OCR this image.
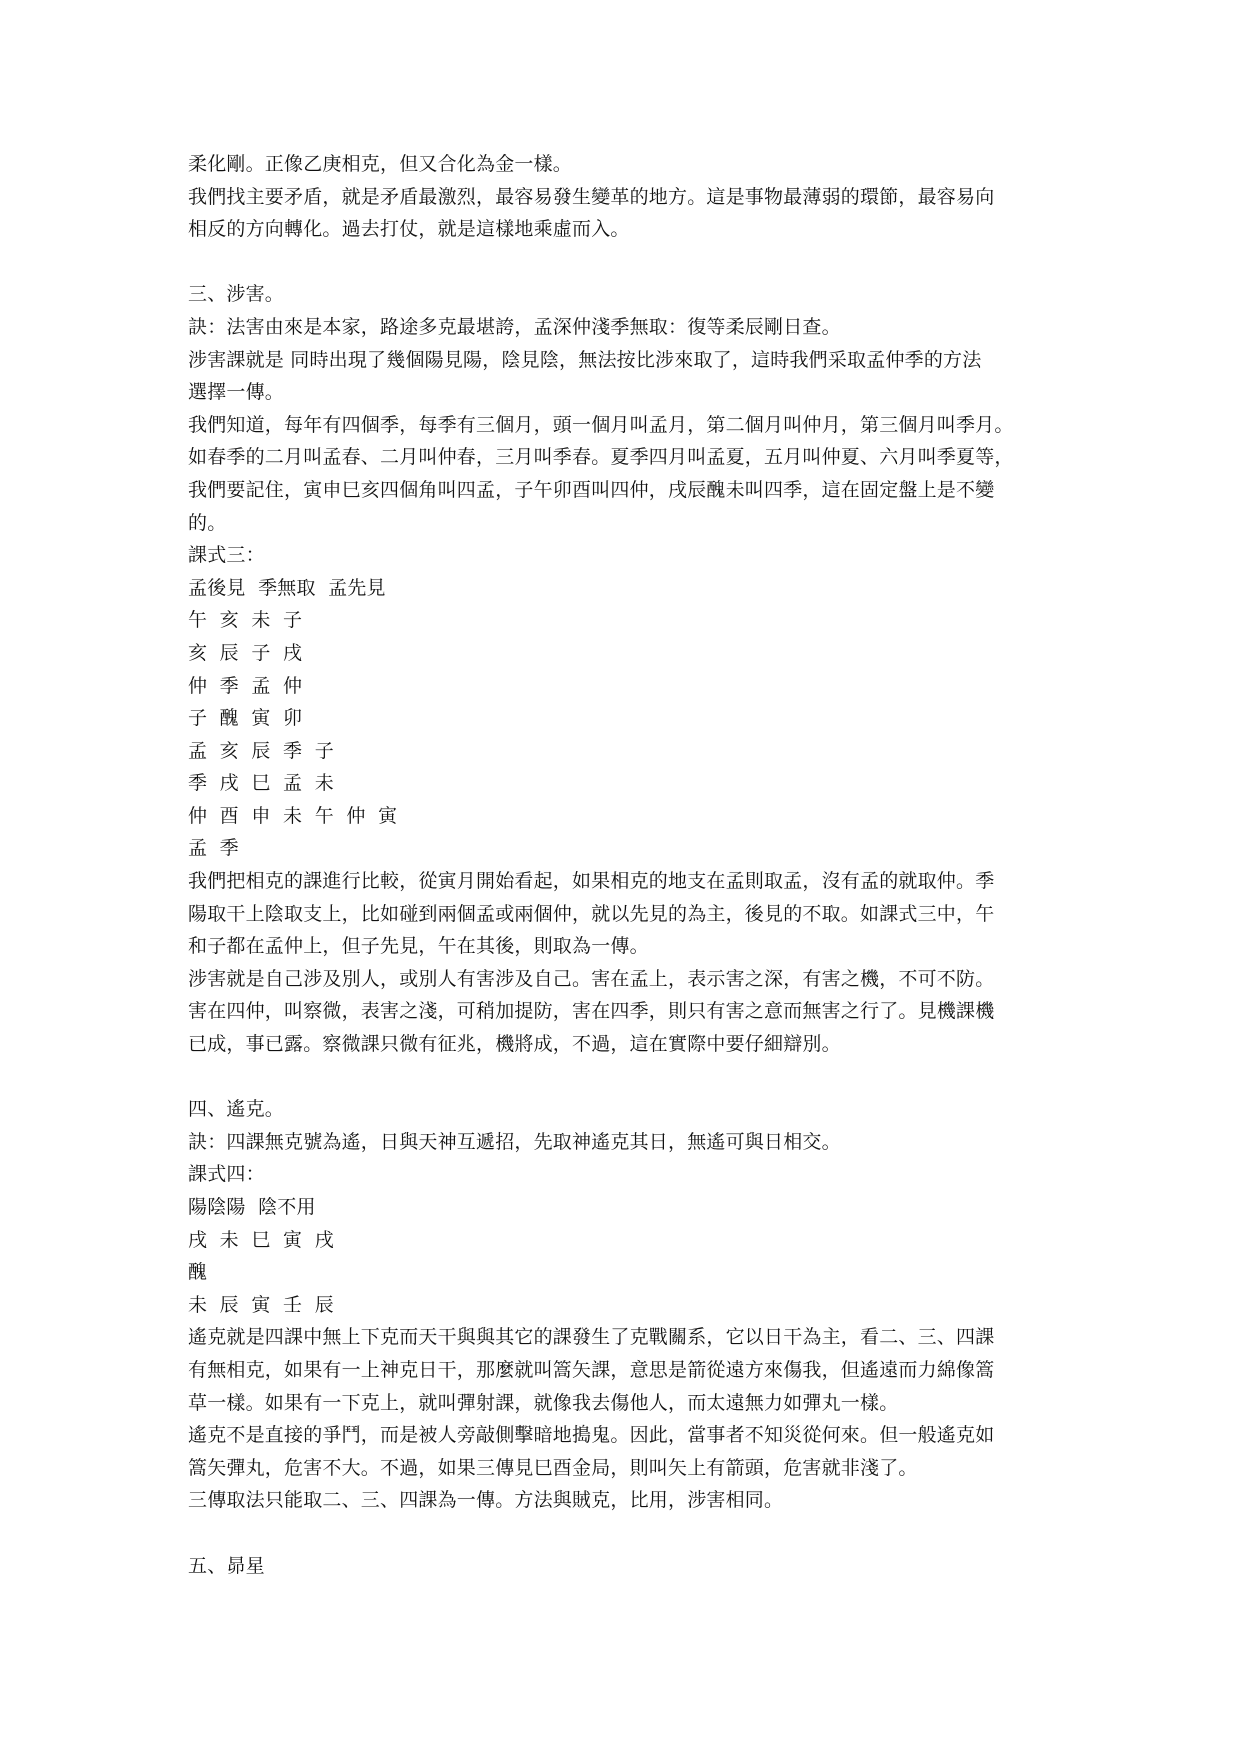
柔化剛。正像乙庚相克，但又合化為金一樣。
我們找主要矛盾，就是矛盾最激烈，最容易發生變革的地方。這是事物最薄弱的環節，最容易向
相反的方向轉化。過去打仗，就是這樣地乘虛而入。
三、涉害。
訣：法害由來是本家，路途多克最堪誇，孟深仲淺季無取：復等柔辰剛日查。
涉害課就是 同時出現了幾個陽見陽，陰見陰，無法按比涉來取了，這時我們采取孟仲季的方法
選擇一傳。
我們知道，每年有四個季，每季有三個月，頭一個月叫孟月，第二個月叫仲月，第三個月叫季月。
如春季的二月叫孟春、二月叫仲春，三月叫季春。夏季四月叫孟夏，五月叫仲夏、六月叫季夏等，
我們要記住，寅申巳亥四個角叫四孟，子午卯酉叫四仲，戌辰醜未叫四季，這在固定盤上是不變
的。
課式三：
孟後見  季無取  孟先見
午  亥  未  子
亥  辰  子  戌
仲  季  孟  仲
子  醜  寅  卯
孟  亥  辰  季  子
季  戌  巳  孟  未
仲  酉  申  未  午  仲  寅
孟  季
我們把相克的課進行比較，從寅月開始看起，如果相克的地支在孟則取孟，沒有孟的就取仲。季
陽取干上陰取支上，比如碰到兩個孟或兩個仲，就以先見的為主，後見的不取。如課式三中，午
和子都在孟仲上，但子先見，午在其後，則取為一傳。
涉害就是自己涉及別人，或別人有害涉及自己。害在孟上，表示害之深，有害之機，不可不防。
害在四仲，叫察微，表害之淺，可稍加提防，害在四季，則只有害之意而無害之行了。見機課機
已成，事已露。察微課只微有征兆，機將成，不過，這在實際中要仔細辯別。
四、遙克。
訣：四課無克號為遙，日與天神互遞招，先取神遙克其日，無遙可與日相交。
課式四：
陽陰陽  陰不用
戌  未  巳  寅  戌
醜
未  辰  寅  壬  辰
遙克就是四課中無上下克而天干與與其它的課發生了克戰關系，它以日干為主，看二、三、四課
有無相克，如果有一上神克日干，那麼就叫篙矢課，意思是箭從遠方來傷我，但遙遠而力綿像篙
草一樣。如果有一下克上，就叫彈射課，就像我去傷他人，而太遠無力如彈丸一樣。
遙克不是直接的爭鬥，而是被人旁敲側擊暗地搗鬼。因此，當事者不知災從何來。但一般遙克如
篙矢彈丸，危害不大。不過，如果三傳見巳酉金局，則叫矢上有箭頭，危害就非淺了。
三傳取法只能取二、三、四課為一傳。方法與賊克，比用，涉害相同。
五、昴星
